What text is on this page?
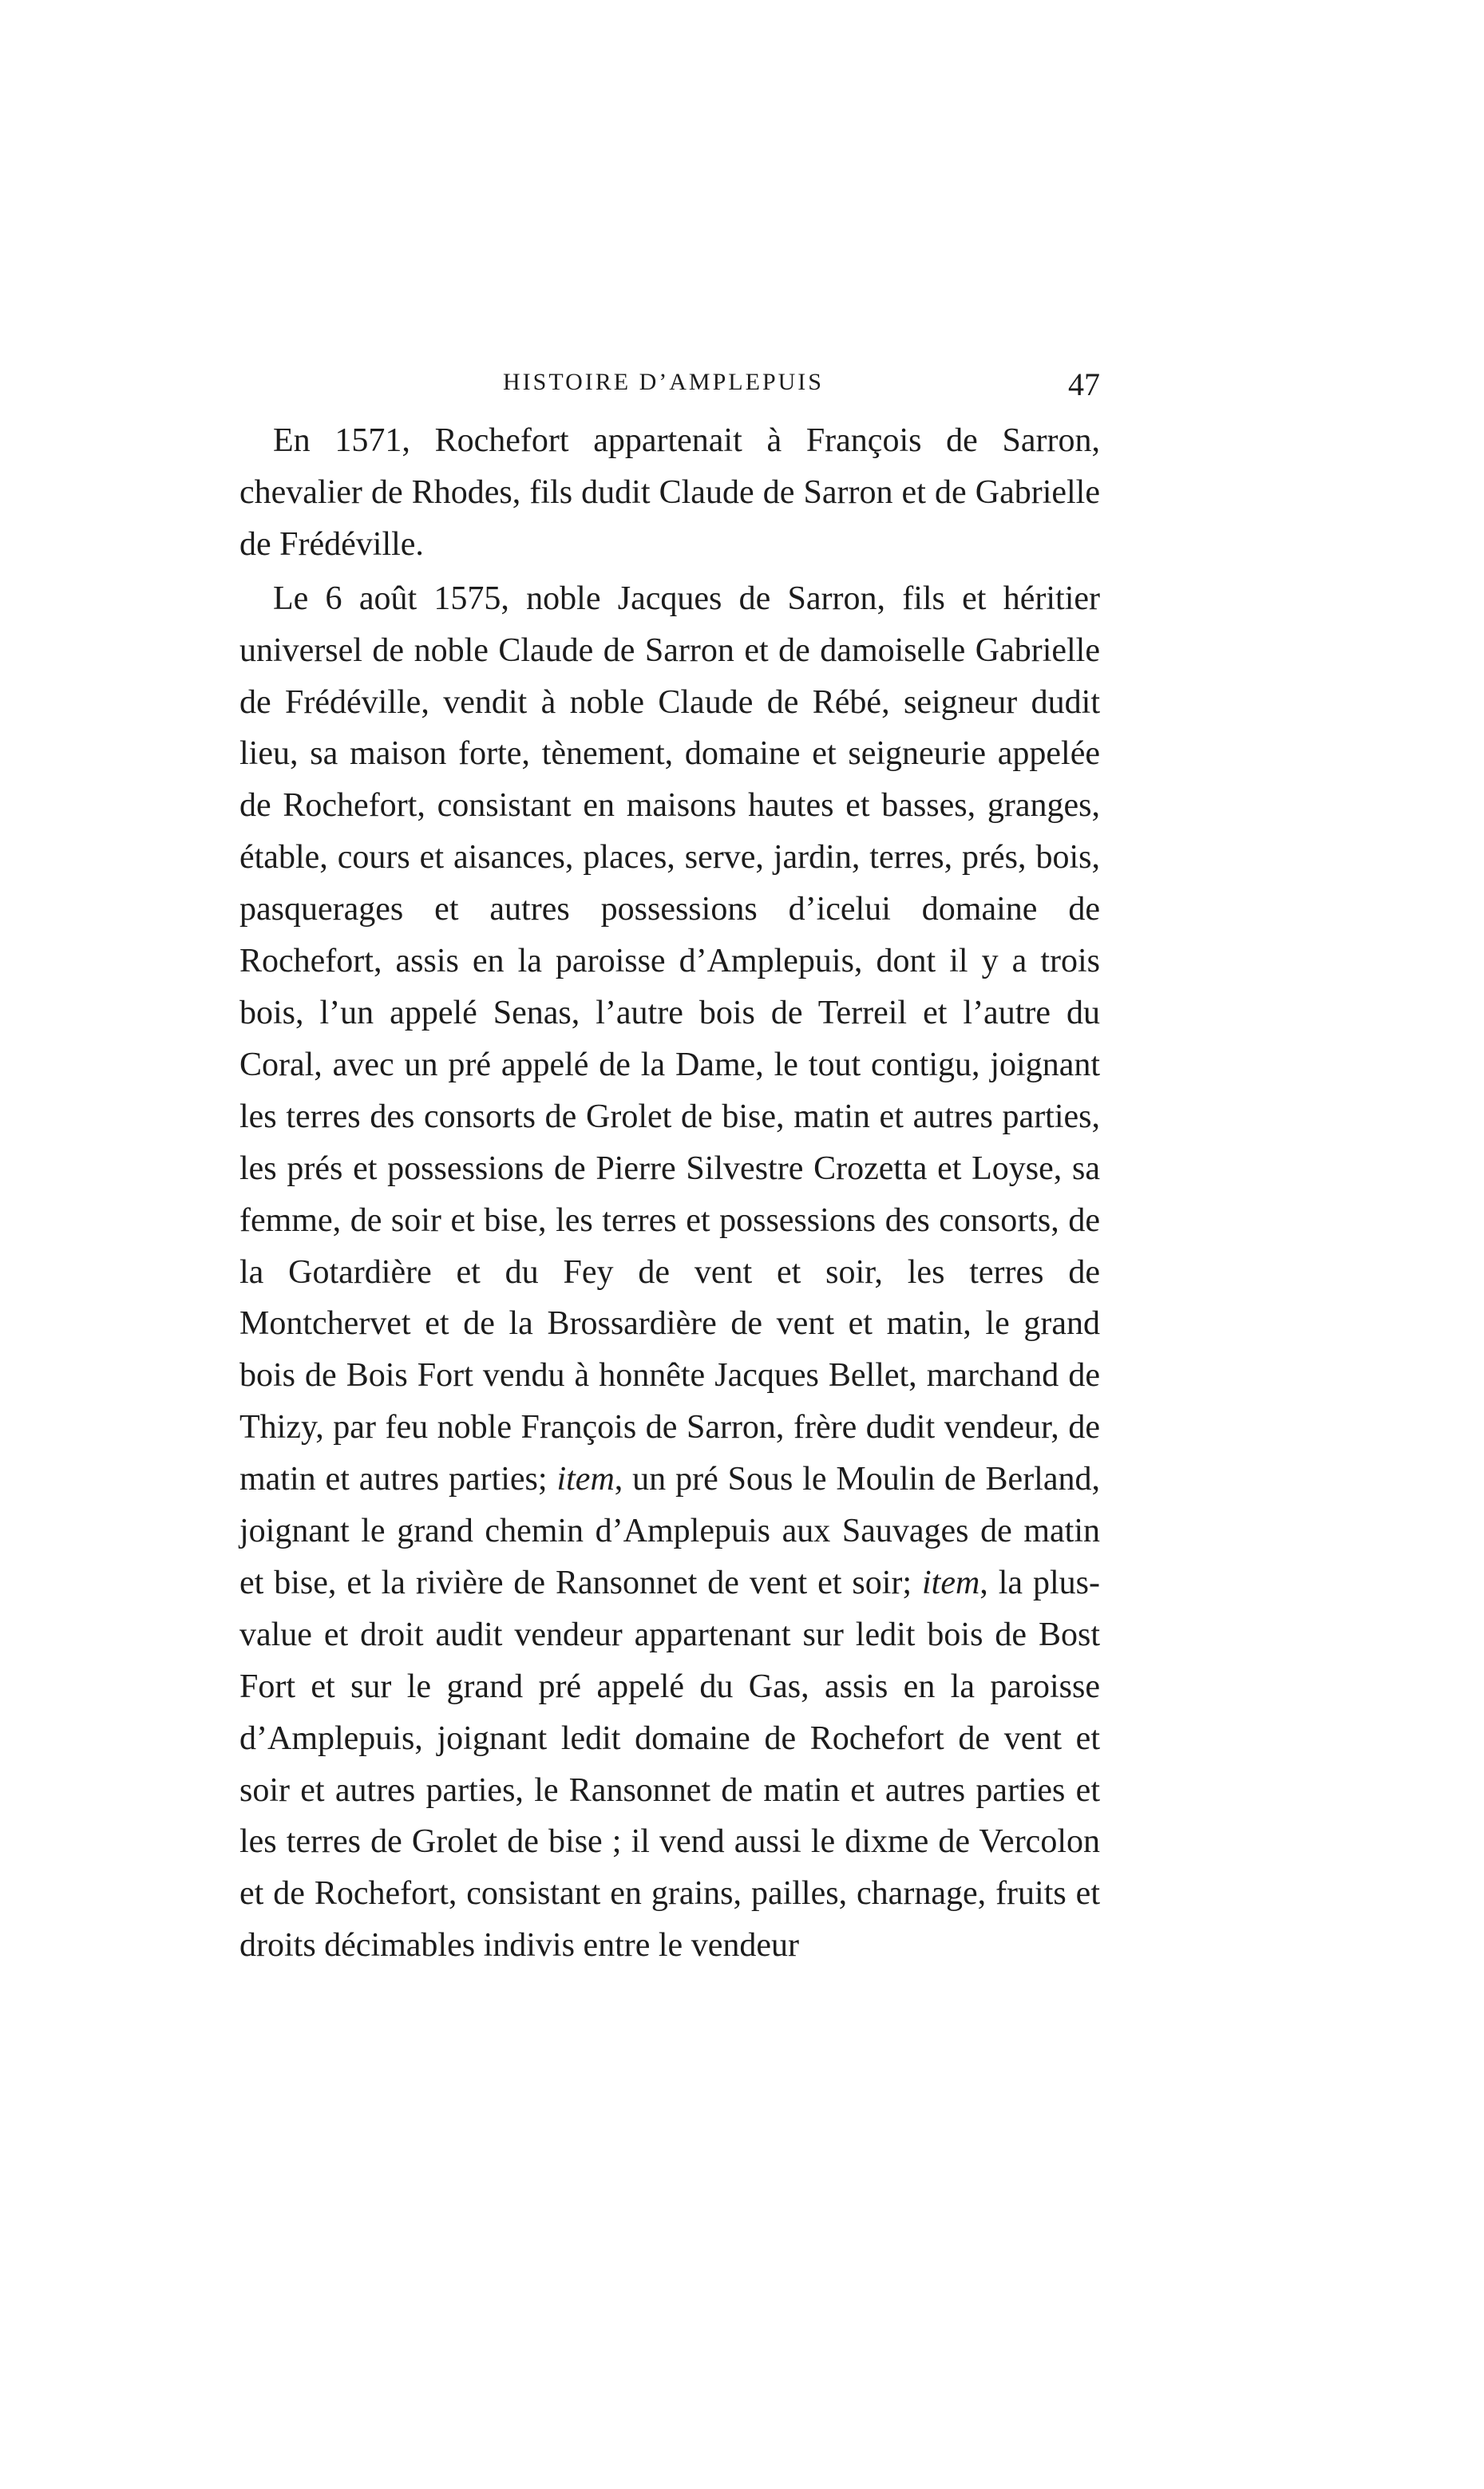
HISTOIRE D’AMPLEPUIS	47

En 1571, Rochefort appartenait à François de Sarron, chevalier de Rhodes, fils dudit Claude de Sarron et de Gabrielle de Frédéville.

Le 6 août 1575, noble Jacques de Sarron, fils et héritier universel de noble Claude de Sarron et de damoiselle Gabrielle de Frédéville, vendit à noble Claude de Rébé, seigneur dudit lieu, sa maison forte, tènement, domaine et seigneurie appelée de Rochefort, consistant en maisons hautes et basses, granges, étable, cours et aisances, places, serve, jardin, terres, prés, bois, pasquerages et autres possessions d’icelui domaine de Rochefort, assis en la paroisse d’Amplepuis, dont il y a trois bois, l’un appelé Senas, l’autre bois de Terreil et l’autre du Coral, avec un pré appelé de la Dame, le tout contigu, joignant les terres des consorts de Grolet de bise, matin et autres parties, les prés et possessions de Pierre Silvestre Crozetta et Loyse, sa femme, de soir et bise, les terres et possessions des consorts, de la Gotardière et du Fey de vent et soir, les terres de Montchervet et de la Brossardière de vent et matin, le grand bois de Bois Fort vendu à honnête Jacques Bellet, marchand de Thizy, par feu noble François de Sarron, frère dudit vendeur, de matin et autres parties; item, un pré Sous le Moulin de Berland, joignant le grand chemin d’Amplepuis aux Sauvages de matin et bise, et la rivière de Ransonnet de vent et soir; item, la plus-value et droit audit vendeur appartenant sur ledit bois de Bost Fort et sur le grand pré appelé du Gas, assis en la paroisse d’Amplepuis, joignant ledit domaine de Rochefort de vent et soir et autres parties, le Ransonnet de matin et autres parties et les terres de Grolet de bise ; il vend aussi le dixme de Vercolon et de Rochefort, consistant en grains, pailles, charnage, fruits et droits décimables indivis entre le vendeur
